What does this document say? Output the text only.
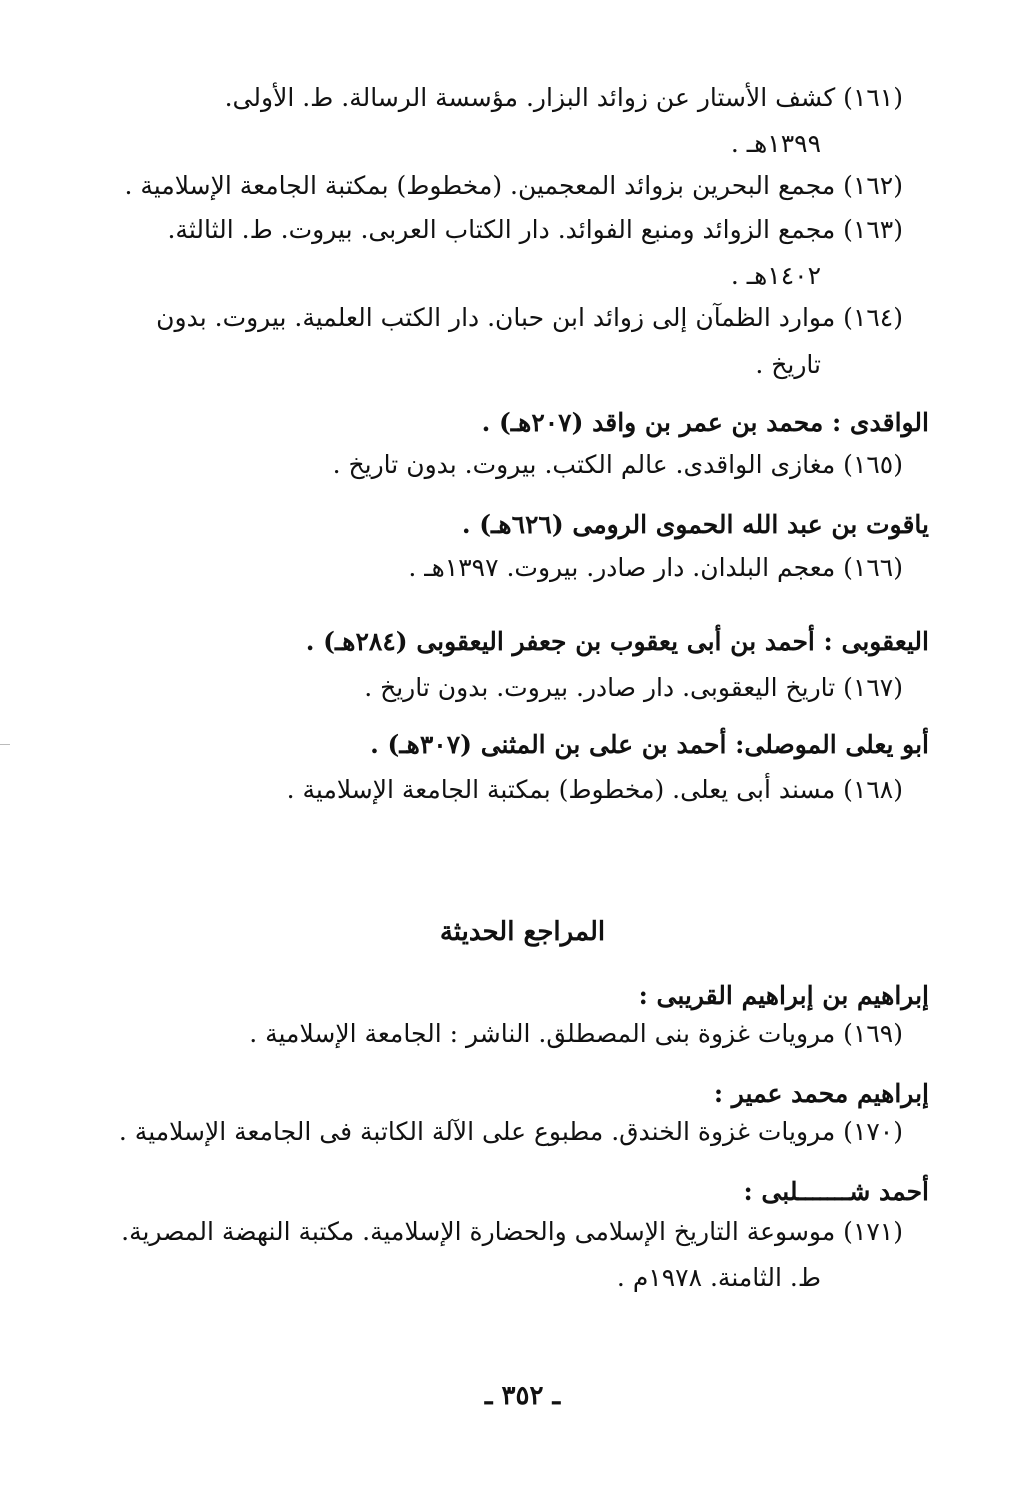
(١٦١) كشف الأستار عن زوائد البزار. مؤسسة الرسالة. ط. الأولى.
١٣٩٩هـ .
(١٦٢) مجمع البحرين بزوائد المعجمين. (مخطوط) بمكتبة الجامعة الإسلامية .
(١٦٣) مجمع الزوائد ومنبع الفوائد. دار الكتاب العربى. بيروت. ط. الثالثة.
١٤٠٢هـ .
(١٦٤) موارد الظمآن إلى زوائد ابن حبان. دار الكتب العلمية. بيروت. بدون
تاريخ .
الواقدى : محمد بن عمر بن واقد (٢٠٧هـ) .
(١٦٥) مغازى الواقدى. عالم الكتب. بيروت. بدون تاريخ .
ياقوت بن عبد الله الحموى الرومى (٦٢٦هـ) .
(١٦٦) معجم البلدان. دار صادر. بيروت. ١٣٩٧هـ .
اليعقوبى : أحمد بن أبى يعقوب بن جعفر اليعقوبى (٢٨٤هـ) .
(١٦٧) تاريخ اليعقوبى. دار صادر. بيروت. بدون تاريخ .
أبو يعلى الموصلى: أحمد بن على بن المثنى (٣٠٧هـ) .
(١٦٨) مسند أبى يعلى. (مخطوط) بمكتبة الجامعة الإسلامية .
المراجع الحديثة
إبراهيم بن إبراهيم القريبى :
(١٦٩) مرويات غزوة بنى المصطلق. الناشر : الجامعة الإسلامية .
إبراهيم محمد عمير :
(١٧٠) مرويات غزوة الخندق. مطبوع على الآلة الكاتبة فى الجامعة الإسلامية .
أحمد شـــــــلبى :
(١٧١) موسوعة التاريخ الإسلامى والحضارة الإسلامية. مكتبة النهضة المصرية.
ط. الثامنة. ١٩٧٨م .
ـ ٣٥٢ ـ
